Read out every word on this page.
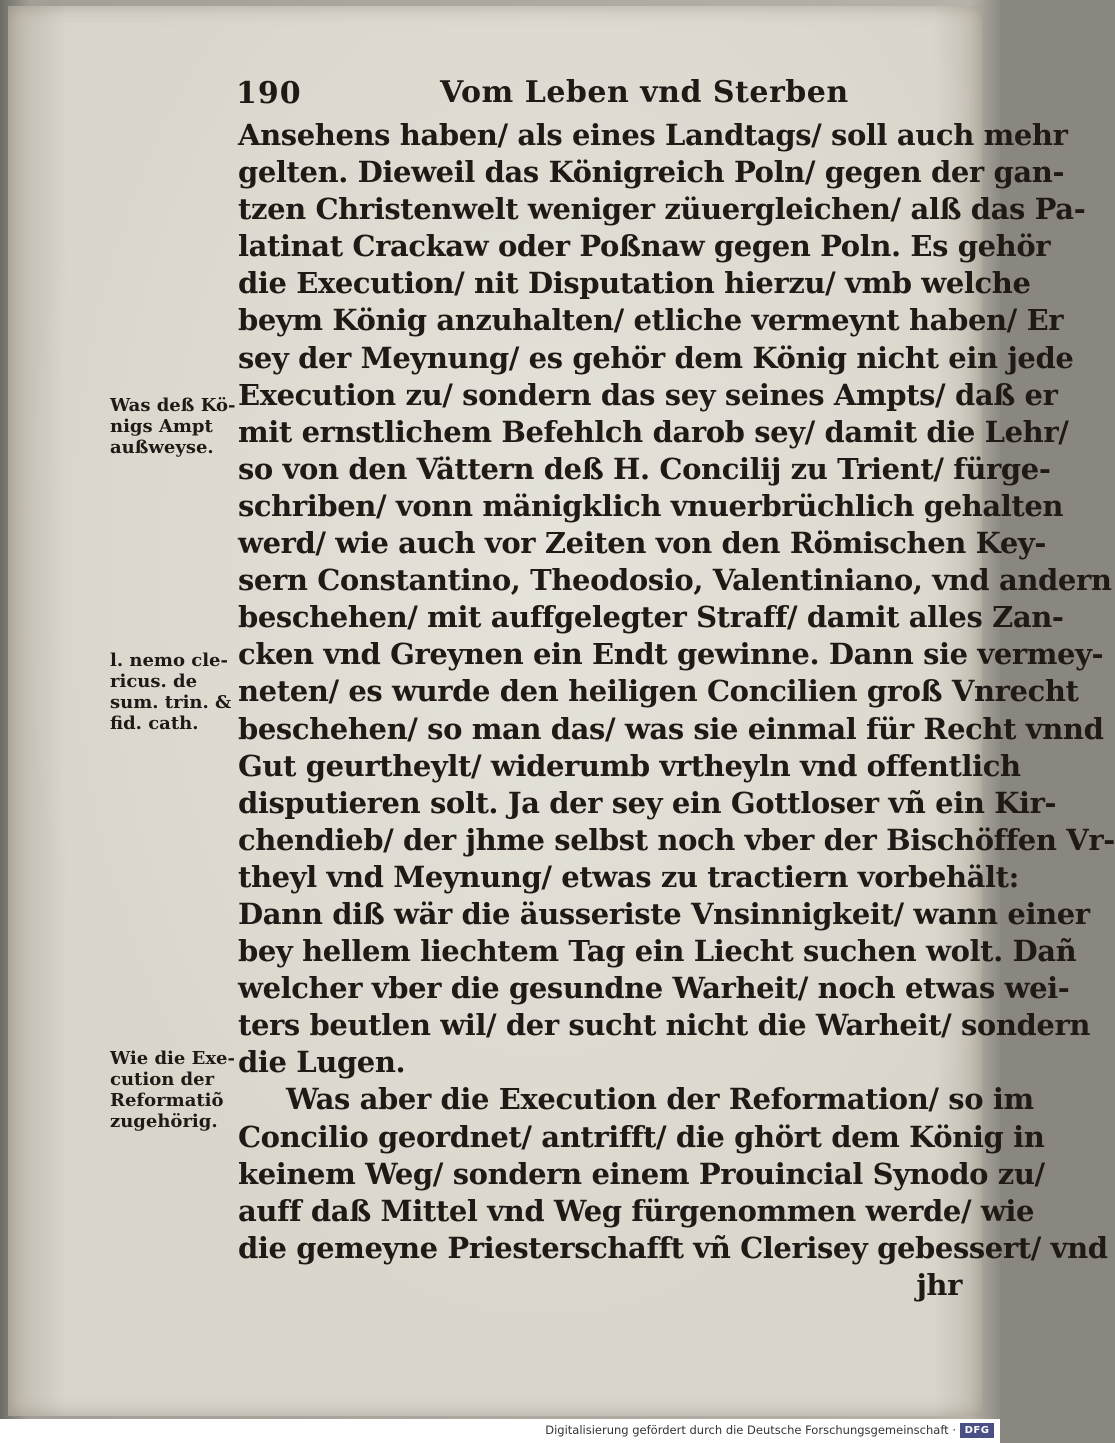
190	Vom Leben vnd Sterben
Ansehens haben/ als eines Landtags/ soll auch mehr
gelten. Dieweil das Königreich Poln/ gegen der gan-
tzen Christenwelt weniger züuergleichen/ alß das Pa-
latinat Crackaw oder Poßnaw gegen Poln. Es gehör
die Execution/ nit Disputation hierzu/ vmb welche
beym König anzuhalten/ etliche vermeynt haben/ Er
sey der Meynung/ es gehör dem König nicht ein jede
Execution zu/ sondern das sey seines Ampts/ daß er
mit ernstlichem Befehlch darob sey/ damit die Lehr/
so von den Vättern deß H. Concilij zu Trient/ fürge-
schriben/ vonn mänigklich vnuerbrüchlich gehalten
werd/ wie auch vor Zeiten von den Römischen Key-
sern Constantino, Theodosio, Valentiniano, vnd andern
beschehen/ mit auffgelegter Straff/ damit alles Zan-
cken vnd Greynen ein Endt gewinne. Dann sie vermey-
neten/ es wurde den heiligen Concilien groß Vnrecht
beschehen/ so man das/ was sie einmal für Recht vnnd
Gut geurtheylt/ widerumb vrtheyln vnd offentlich
disputieren solt. Ja der sey ein Gottloser vñ ein Kir-
chendieb/ der jhme selbst noch vber der Bischöffen Vr-
theyl vnd Meynung/ etwas zu tractiern vorbehält:
Dann diß wär die äusseriste Vnsinnigkeit/ wann einer
bey hellem liechtem Tag ein Liecht suchen wolt. Dañ
welcher vber die gesundne Warheit/ noch etwas wei-
ters beutlen wil/ der sucht nicht die Warheit/ sondern
die Lugen.
Was aber die Execution der Reformation/ so im
Concilio geordnet/ antrifft/ die ghört dem König in
keinem Weg/ sondern einem Prouincial Synodo zu/
auff daß Mittel vnd Weg fürgenommen werde/ wie
die gemeyne Priesterschafft vñ Clerisey gebessert/ vnd
jhr
Was deß Kö-
nigs Ampt
außweyse.
l. nemo cle-
ricus. de
sum. trin. &
fid. cath.
Wie die Exe-
cution der
Reformatiõ
zugehörig.
Digitalisierung gefördert durch die Deutsche Forschungsgemeinschaft · DFG
